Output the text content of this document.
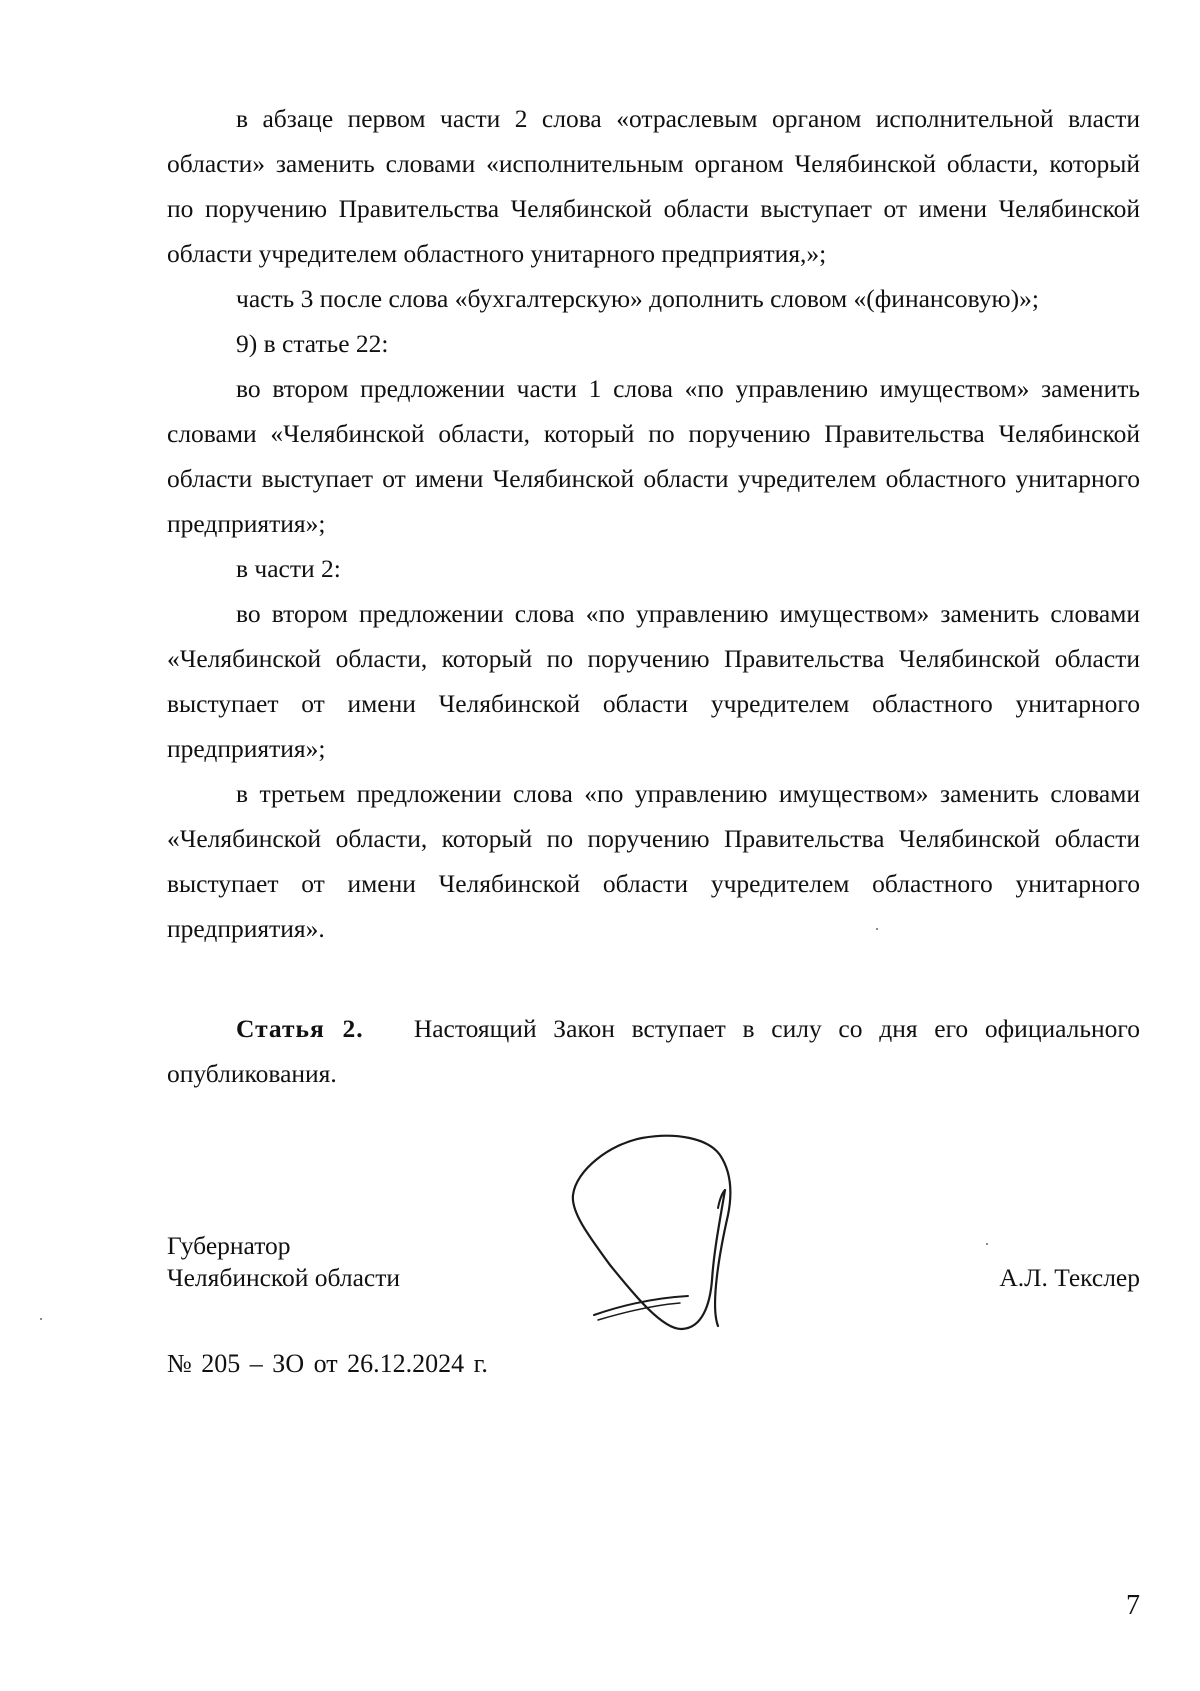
в абзаце первом части 2 слова «отраслевым органом исполнительной власти области» заменить словами «исполнительным органом Челябинской области, который по поручению Правительства Челябинской области выступает от имени Челябинской области учредителем областного унитарного предприятия,»;

часть 3 после слова «бухгалтерскую» дополнить словом «(финансовую)»;

9) в статье 22:

во втором предложении части 1 слова «по управлению имуществом» заменить словами «Челябинской области, который по поручению Правительства Челябинской области выступает от имени Челябинской области учредителем областного унитарного предприятия»;

в части 2:

во втором предложении слова «по управлению имуществом» заменить словами «Челябинской области, который по поручению Правительства Челябинской области выступает от имени Челябинской области учредителем областного унитарного предприятия»;

в третьем предложении слова «по управлению имуществом» заменить словами «Челябинской области, который по поручению Правительства Челябинской области выступает от имени Челябинской области учредителем областного унитарного предприятия».

Статья 2. Настоящий Закон вступает в силу со дня его официального опубликования.

Губернатор
Челябинской области	А.Л. Текслер
№ 205 – ЗО от 26.12.2024 г.
7
